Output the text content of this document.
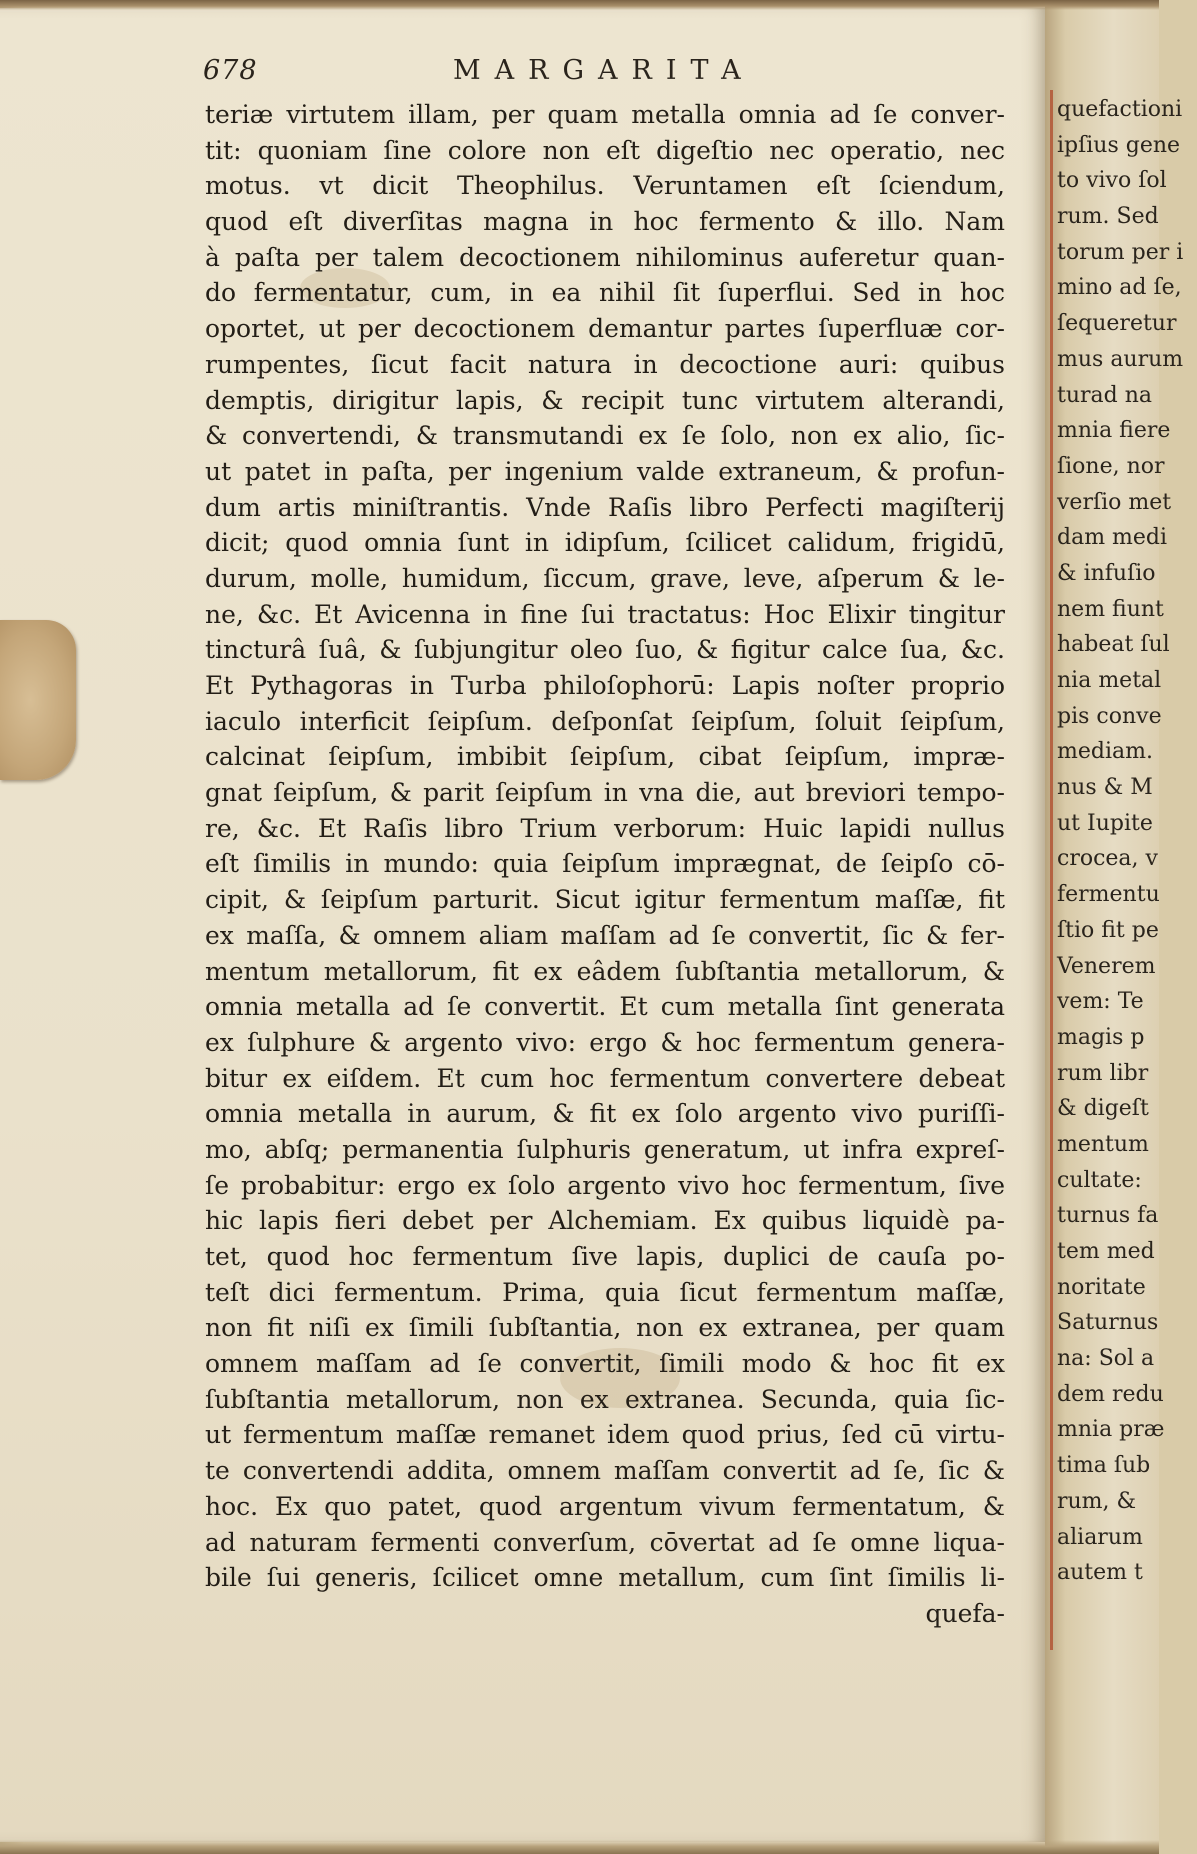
quefactioni
ipſius gene
to vivo ſol
rum. Sed
torum per i
mino ad ſe,
ſequeretur
mus aurum
turad na
mnia fiere
ſione, nor
verſio met
dam medi
& infuſio
nem fiunt
habeat ſul
nia metal
pis conve
mediam.
nus & M
ut Iupite
crocea, v
fermentu
ſtio fit pe
Venerem
vem: Te
magis p
rum libr
& digeſt
mentum
cultate:
turnus fa
tem med
noritate
Saturnus
na: Sol a
dem redu
mnia præ
tima ſub
rum, &
aliarum
autem t
678	MARGARITA
teriæ virtutem illam, per quam metalla omnia ad ſe conver-
tit: quoniam ſine colore non eſt digeſtio nec operatio, nec
motus. vt dicit Theophilus. Veruntamen eſt ſciendum,
quod eſt diverſitas magna in hoc fermento & illo. Nam
à paſta per talem decoctionem nihilominus auferetur quan-
do fermentatur, cum, in ea nihil ſit ſuperflui. Sed in hoc
oportet, ut per decoctionem demantur partes ſuperfluæ cor-
rumpentes, ſicut facit natura in decoctione auri: quibus
demptis, dirigitur lapis, & recipit tunc virtutem alterandi,
& convertendi, & transmutandi ex ſe ſolo, non ex alio, ſic-
ut patet in paſta, per ingenium valde extraneum, & profun-
dum artis miniſtrantis. Vnde Raſis libro Perfecti magiſterij
dicit; quod omnia ſunt in idipſum, ſcilicet calidum, frigidū,
durum, molle, humidum, ſiccum, grave, leve, aſperum & le-
ne, &c. Et Avicenna in fine ſui tractatus: Hoc Elixir tingitur
tincturâ ſuâ, & ſubjungitur oleo ſuo, & figitur calce ſua, &c.
Et Pythagoras in Turba philoſophorū: Lapis noſter proprio
iaculo interficit ſeipſum. deſponſat ſeipſum, ſoluit ſeipſum,
calcinat ſeipſum, imbibit ſeipſum, cibat ſeipſum, impræ-
gnat ſeipſum, & parit ſeipſum in vna die, aut breviori tempo-
re, &c. Et Raſis libro Trium verborum: Huic lapidi nullus
eſt ſimilis in mundo: quia ſeipſum imprægnat, de ſeipſo cō-
cipit, & ſeipſum parturit. Sicut igitur fermentum maſſæ, fit
ex maſſa, & omnem aliam maſſam ad ſe convertit, ſic & fer-
mentum metallorum, fit ex eâdem ſubſtantia metallorum, &
omnia metalla ad ſe convertit. Et cum metalla ſint generata
ex ſulphure & argento vivo: ergo & hoc fermentum genera-
bitur ex eiſdem. Et cum hoc fermentum convertere debeat
omnia metalla in aurum, & fit ex ſolo argento vivo puriſſi-
mo, abſq; permanentia ſulphuris generatum, ut infra expreſ-
ſe probabitur: ergo ex ſolo argento vivo hoc fermentum, ſive
hic lapis fieri debet per Alchemiam. Ex quibus liquidè pa-
tet, quod hoc fermentum ſive lapis, duplici de cauſa po-
teſt dici fermentum. Prima, quia ſicut fermentum maſſæ,
non fit niſi ex ſimili ſubſtantia, non ex extranea, per quam
omnem maſſam ad ſe convertit, ſimili modo & hoc fit ex
ſubſtantia metallorum, non ex extranea. Secunda, quia ſic-
ut fermentum maſſæ remanet idem quod prius, ſed cū virtu-
te convertendi addita, omnem maſſam convertit ad ſe, ſic &
hoc. Ex quo patet, quod argentum vivum fermentatum, &
ad naturam fermenti converſum, cōvertat ad ſe omne liqua-
bile ſui generis, ſcilicet omne metallum, cum ſint ſimilis li-
quefa-
